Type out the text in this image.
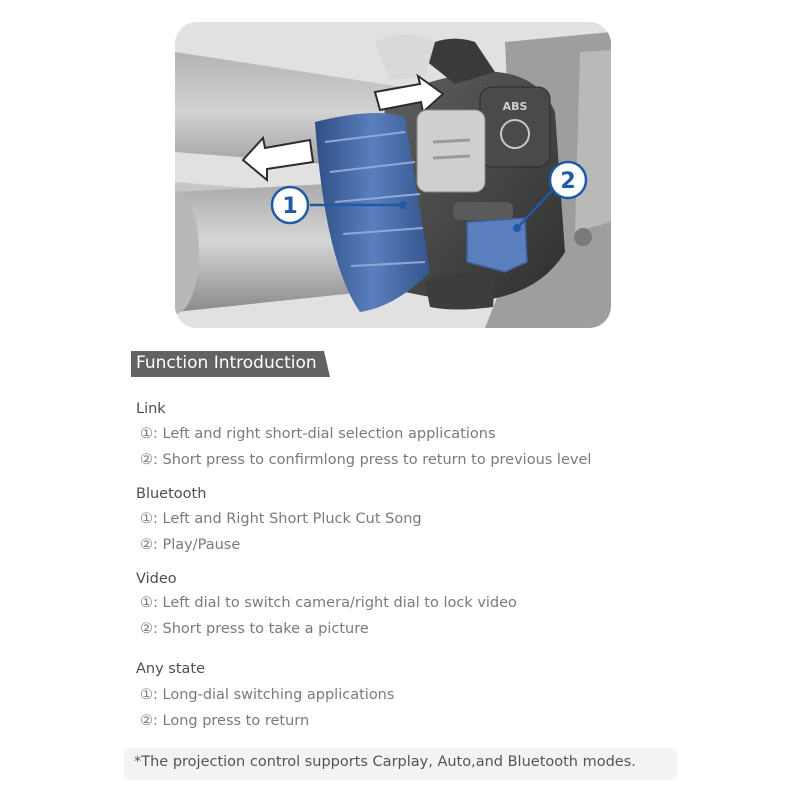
ABS
1
2
Function Introduction

Link

①: Left and right short-dial selection applications

②: Short press to confirmlong press to return to previous level

Bluetooth

①: Left and Right Short Pluck Cut Song

②: Play/Pause

Video

①: Left dial to switch camera/right dial to lock video

②: Short press to take a picture

Any state

①: Long-dial switching applications

②: Long press to return

*The projection control supports Carplay, Auto,and Bluetooth modes.
